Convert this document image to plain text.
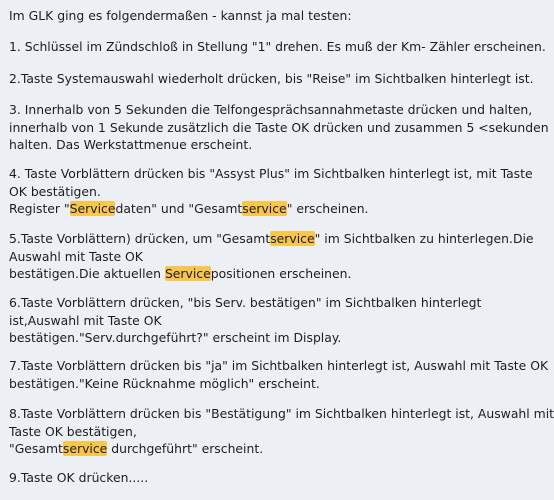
Im GLK ging es folgendermaßen - kannst ja mal testen:

1. Schlüssel im Zündschloß in Stellung "1" drehen. Es muß der Km- Zähler erscheinen.

2.Taste Systemauswahl wiederholt drücken, bis "Reise" im Sichtbalken hinterlegt ist.

3. Innerhalb von 5 Sekunden die Telfongesprächsannahmetaste drücken und halten,
innerhalb von 1 Sekunde zusätzlich die Taste OK drücken und zusammen 5 <sekunden
halten. Das Werkstattmenue erscheint.

4. Taste Vorblättern drücken bis "Assyst Plus" im Sichtbalken hinterlegt ist, mit Taste
OK bestätigen.
Register "Servicedaten" und "Gesamtservice" erscheinen.

5.Taste Vorblättern) drücken, um "Gesamtservice" im Sichtbalken zu hinterlegen.Die
Auswahl mit Taste OK
bestätigen.Die aktuellen Servicepositionen erscheinen.

6.Taste Vorblättern drücken, "bis Serv. bestätigen" im Sichtbalken hinterlegt
ist,Auswahl mit Taste OK
bestätigen."Serv.durchgeführt?" erscheint im Display.

7.Taste Vorblättern drücken bis "ja" im Sichtbalken hinterlegt ist, Auswahl mit Taste OK
bestätigen."Keine Rücknahme möglich" erscheint.

8.Taste Vorblättern drücken bis "Bestätigung" im Sichtbalken hinterlegt ist, Auswahl mit
Taste OK bestätigen,
"Gesamtservice durchgeführt" erscheint.

9.Taste OK drücken.....
